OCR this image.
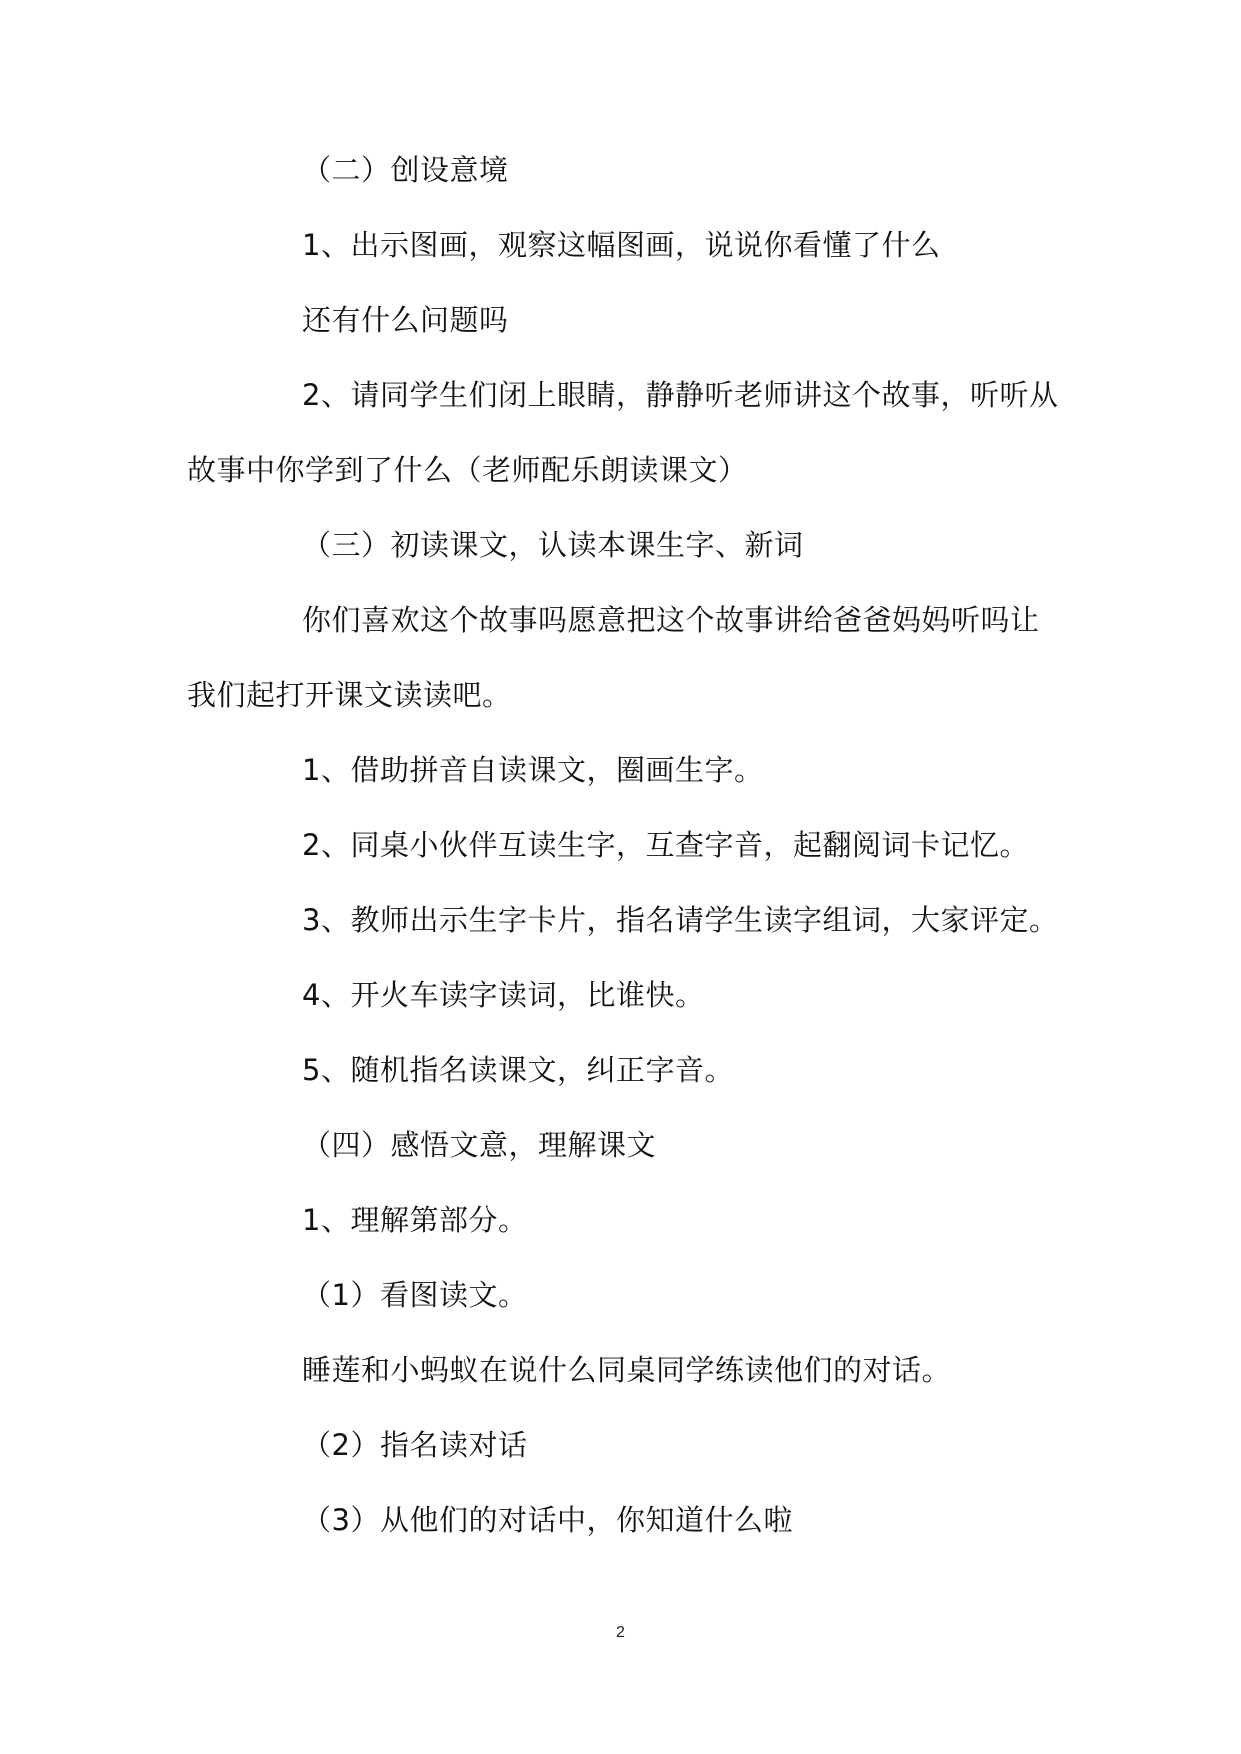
（二）创设意境
1、出示图画，观察这幅图画，说说你看懂了什么
还有什么问题吗
2、请同学生们闭上眼睛，静静听老师讲这个故事，听听从
故事中你学到了什么（老师配乐朗读课文）
（三）初读课文，认读本课生字、新词
你们喜欢这个故事吗愿意把这个故事讲给爸爸妈妈听吗让
我们起打开课文读读吧。
1、借助拼音自读课文，圈画生字。
2、同桌小伙伴互读生字，互查字音，起翻阅词卡记忆。
3、教师出示生字卡片，指名请学生读字组词，大家评定。
4、开火车读字读词，比谁快。
5、随机指名读课文，纠正字音。
（四）感悟文意，理解课文
1、理解第部分。
（1）看图读文。
睡莲和小蚂蚁在说什么同桌同学练读他们的对话。
（2）指名读对话
（3）从他们的对话中，你知道什么啦
2
